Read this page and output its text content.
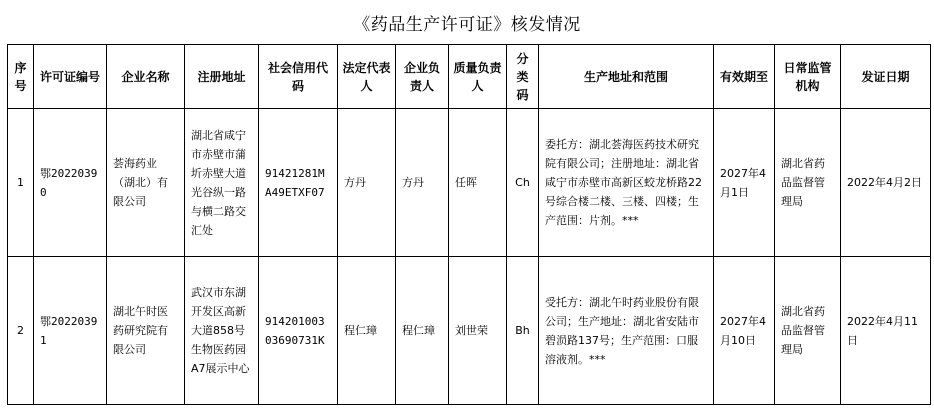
《药品生产许可证》核发情况
序号	许可证编号	企业名称	注册地址	社会信用代码	法定代表人	企业负责人	质量负责人	分类码	生产地址和范围	有效期至	日常监管机构	发证日期
1	鄂20220390	荟海药业（湖北）有限公司	湖北省咸宁市赤壁市蒲圻赤壁大道光谷纵一路与横二路交汇处	91421281MA49ETXF07	方丹	方丹	任晖	Ch	委托方：湖北荟海医药技术研究院有限公司；注册地址：湖北省咸宁市赤壁市高新区蛟龙桥路22号综合楼二楼、三楼、四楼；生产范围：片剂。***	2027年4月1日	湖北省药品监督管理局	2022年4月2日
2	鄂20220391	湖北午时医药研究院有限公司	武汉市东湖开发区高新大道858号生物医药园A7展示中心	91420100303690731K	程仁璋	程仁璋	刘世荣	Bh	受托方：湖北午时药业股份有限公司；生产地址：湖北省安陆市碧涢路137号；生产范围：口服溶液剂。***	2027年4月10日	湖北省药品监督管理局	2022年4月11日
